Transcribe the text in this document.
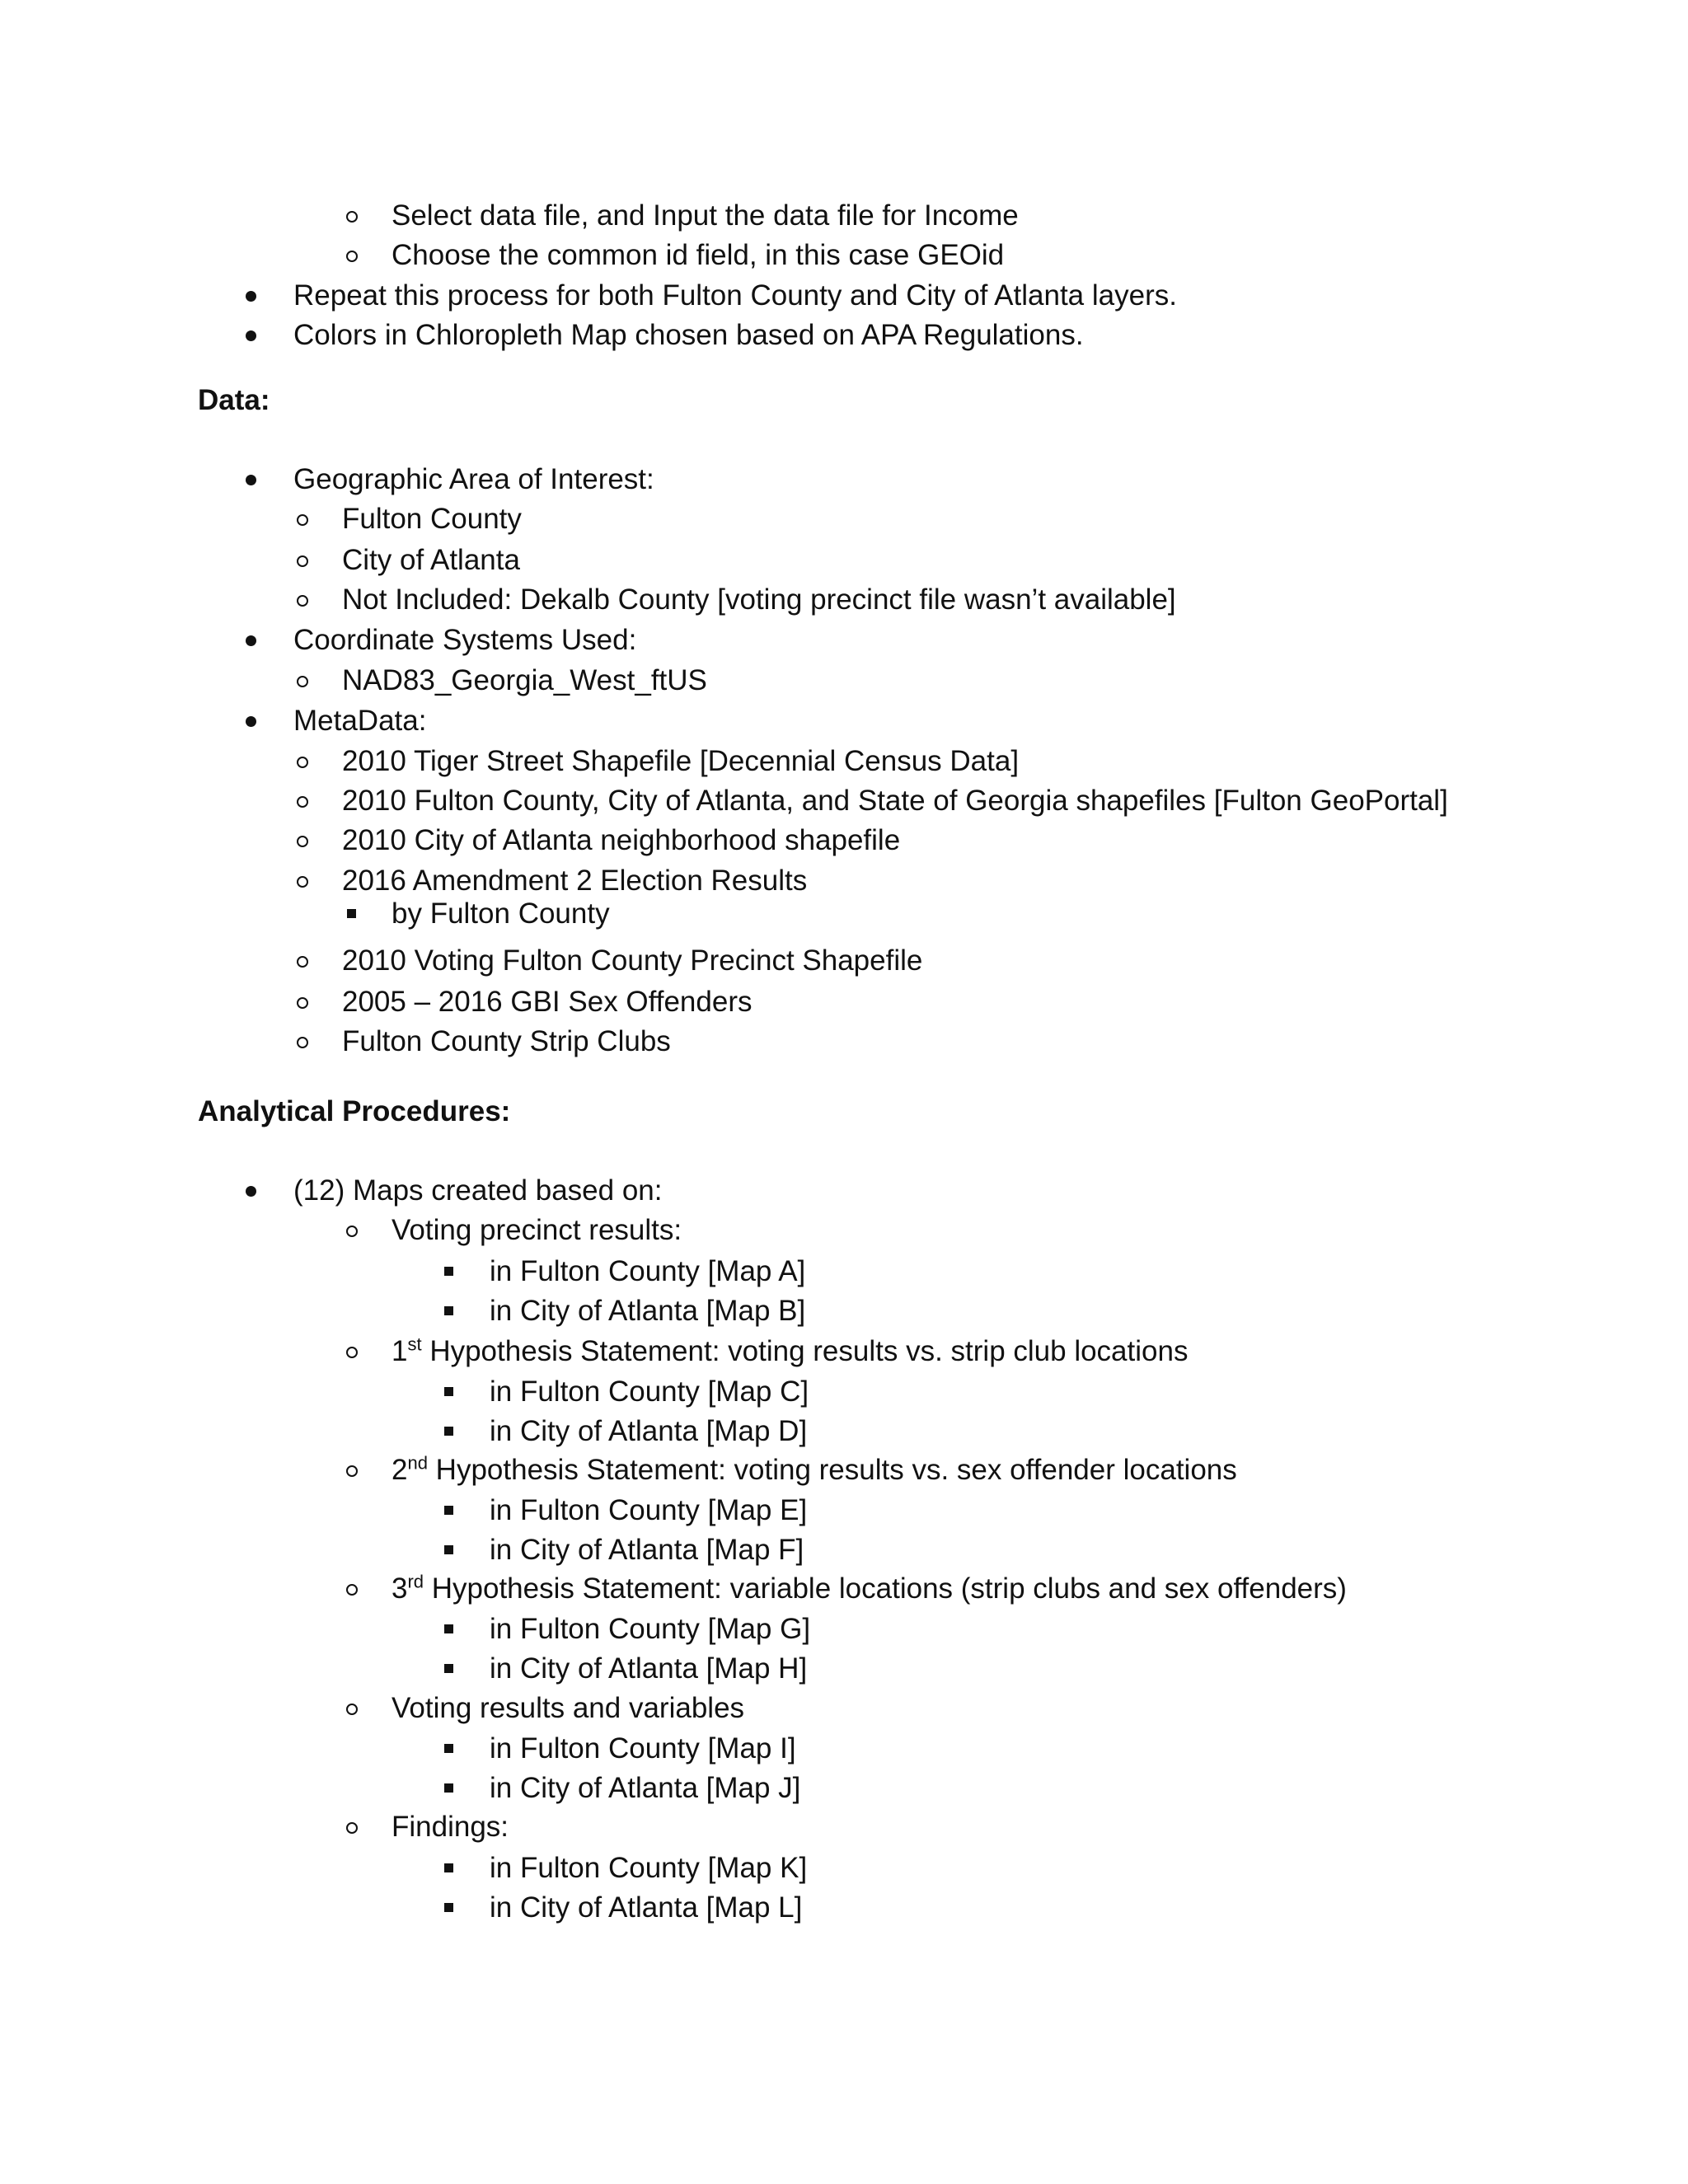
Select data file, and Input the data file for Income
Choose the common id field, in this case GEOid
Repeat this process for both Fulton County and City of Atlanta layers.
Colors in Chloropleth Map chosen based on APA Regulations.
Data:
Geographic Area of Interest:
Fulton County
City of Atlanta
Not Included: Dekalb County [voting precinct file wasn’t available]
Coordinate Systems Used:
NAD83_Georgia_West_ftUS
MetaData:
2010 Tiger Street Shapefile [Decennial Census Data]
2010 Fulton County, City of Atlanta, and State of Georgia shapefiles [Fulton GeoPortal]
2010 City of Atlanta neighborhood shapefile
2016 Amendment 2 Election Results
by Fulton County
2010 Voting Fulton County Precinct Shapefile
2005 – 2016 GBI Sex Offenders
Fulton County Strip Clubs
Analytical Procedures:
(12) Maps created based on:
Voting precinct results:
in Fulton County [Map A]
in City of Atlanta [Map B]
1st Hypothesis Statement: voting results vs. strip club locations
in Fulton County [Map C]
in City of Atlanta [Map D]
2nd Hypothesis Statement: voting results vs. sex offender locations
in Fulton County [Map E]
in City of Atlanta [Map F]
3rd Hypothesis Statement: variable locations (strip clubs and sex offenders)
in Fulton County [Map G]
in City of Atlanta [Map H]
Voting results and variables
in Fulton County [Map I]
in City of Atlanta [Map J]
Findings:
in Fulton County [Map K]
in City of Atlanta [Map L]
